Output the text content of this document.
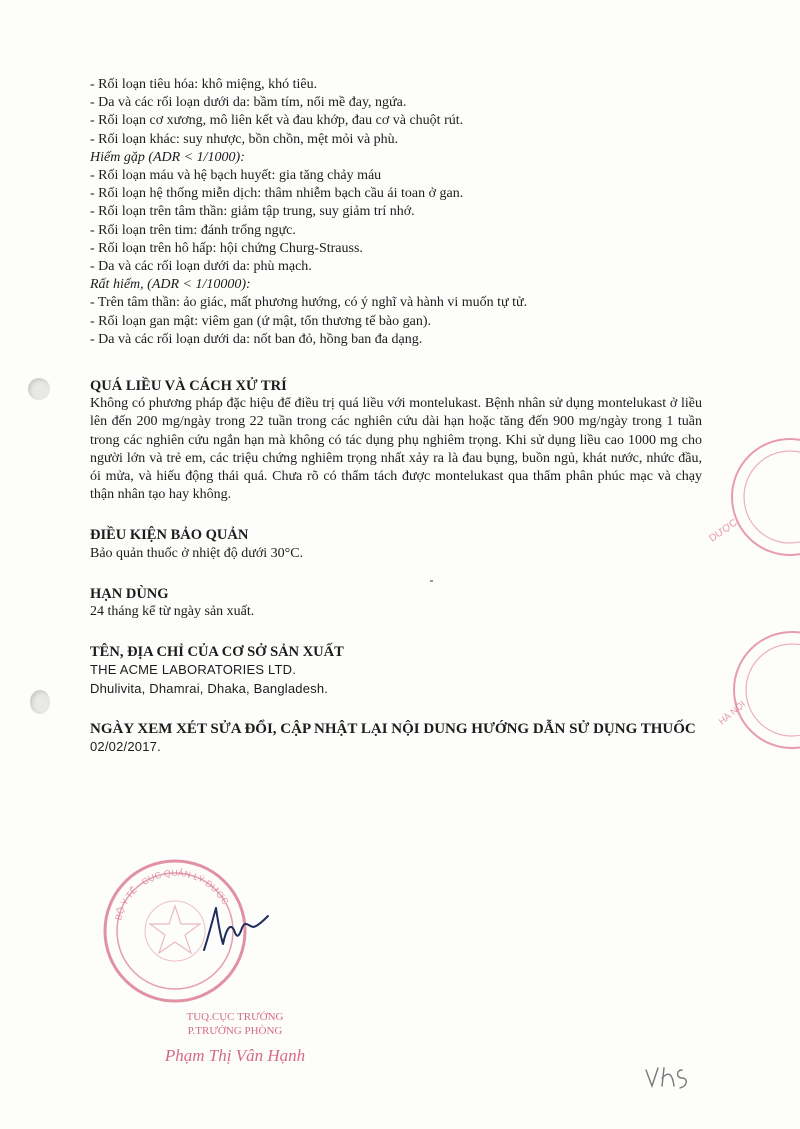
- Rối loạn tiêu hóa: khô miệng, khó tiêu.
- Da và các rối loạn dưới da: bầm tím, nổi mề đay, ngứa.
- Rối loạn cơ xương, mô liên kết và đau khớp, đau cơ và chuột rút.
- Rối loạn khác: suy nhược, bồn chồn, mệt mỏi và phù.
Hiếm gặp (ADR < 1/1000):
- Rối loạn máu và hệ bạch huyết: gia tăng chảy máu
- Rối loạn hệ thống miễn dịch: thâm nhiễm bạch cầu ái toan ở gan.
- Rối loạn trên tâm thần: giảm tập trung, suy giảm trí nhớ.
- Rối loạn trên tim: đánh trống ngực.
- Rối loạn trên hô hấp: hội chứng Churg-Strauss.
- Da và các rối loạn dưới da: phù mạch.
Rất hiếm, (ADR < 1/10000):
- Trên tâm thần: ảo giác, mất phương hướng, có ý nghĩ và hành vi muốn tự tử.
- Rối loạn gan mật: viêm gan (ứ mật, tổn thương tế bào gan).
- Da và các rối loạn dưới da: nốt ban đỏ, hồng ban đa dạng.
QUÁ LIỀU VÀ CÁCH XỬ TRÍ
Không có phương pháp đặc hiệu để điều trị quá liều với montelukast. Bệnh nhân sử dụng montelukast ở liều lên đến 200 mg/ngày trong 22 tuần trong các nghiên cứu dài hạn hoặc tăng đến 900 mg/ngày trong 1 tuần trong các nghiên cứu ngắn hạn mà không có tác dụng phụ nghiêm trọng. Khi sử dụng liều cao 1000 mg cho người lớn và trẻ em, các triệu chứng nghiêm trọng nhất xảy ra là đau bụng, buồn ngủ, khát nước, nhức đầu, ói mửa, và hiếu động thái quá. Chưa rõ có thẩm tách được montelukast qua thẩm phân phúc mạc và chạy thận nhân tạo hay không.
ĐIỀU KIỆN BẢO QUẢN
Bảo quản thuốc ở nhiệt độ dưới 30°C.
HẠN DÙNG
24 tháng kể từ ngày sản xuất.
TÊN, ĐỊA CHỈ CỦA CƠ SỞ SẢN XUẤT
THE ACME LABORATORIES LTD.
Dhulivita, Dhamrai, Dhaka, Bangladesh.
NGÀY XEM XÉT SỬA ĐỔI, CẬP NHẬT LẠI NỘI DUNG HƯỚNG DẪN SỬ DỤNG THUỐC
02/02/2017.
DƯỢC
HÀ NỘI
BỘ Y TẾ · CỤC QUẢN LÝ DƯỢC
TUQ.CỤC TRƯỞNG
P.TRƯỞNG PHÒNG
Phạm Thị Vân Hạnh
